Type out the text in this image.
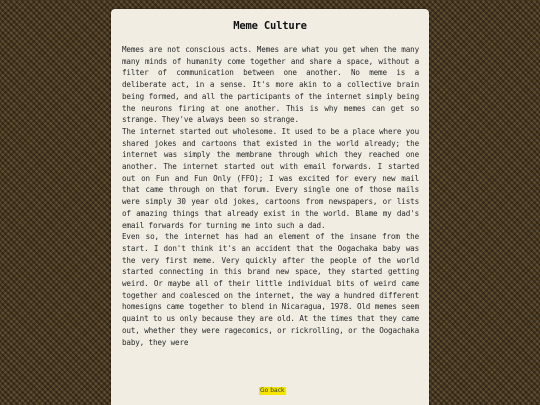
Meme Culture

Memes are not conscious acts. Memes are what you get when the many many minds of humanity come together and share a space, without a filter of communication between one another. No meme is a deliberate act, in a sense. It's more akin to a collective brain being formed, and all the participants of the internet simply being the neurons firing at one another. This is why memes can get so strange. They've always been so strange.

The internet started out wholesome. It used to be a place where you shared jokes and cartoons that existed in the world already; the internet was simply the membrane through which they reached one another. The internet started out with email forwards. I started out on Fun and Fun Only (FFO); I was excited for every new mail that came through on that forum. Every single one of those mails were simply 30 year old jokes, cartoons from newspapers, or lists of amazing things that already exist in the world. Blame my dad's email forwards for turning me into such a dad.

Even so, the internet has had an element of the insane from the start. I don't think it's an accident that the Oogachaka baby was the very first meme. Very quickly after the people of the world started connecting in this brand new space, they started getting weird. Or maybe all of their little individual bits of weird came together and coalesced on the internet, the way a hundred different homesigns came together to blend in Nicaragua, 1978. Old memes seem quaint to us only because they are old. At the times that they came out, whether they were ragecomics, or rickrolling, or the Oogachaka baby, they were

Go back
